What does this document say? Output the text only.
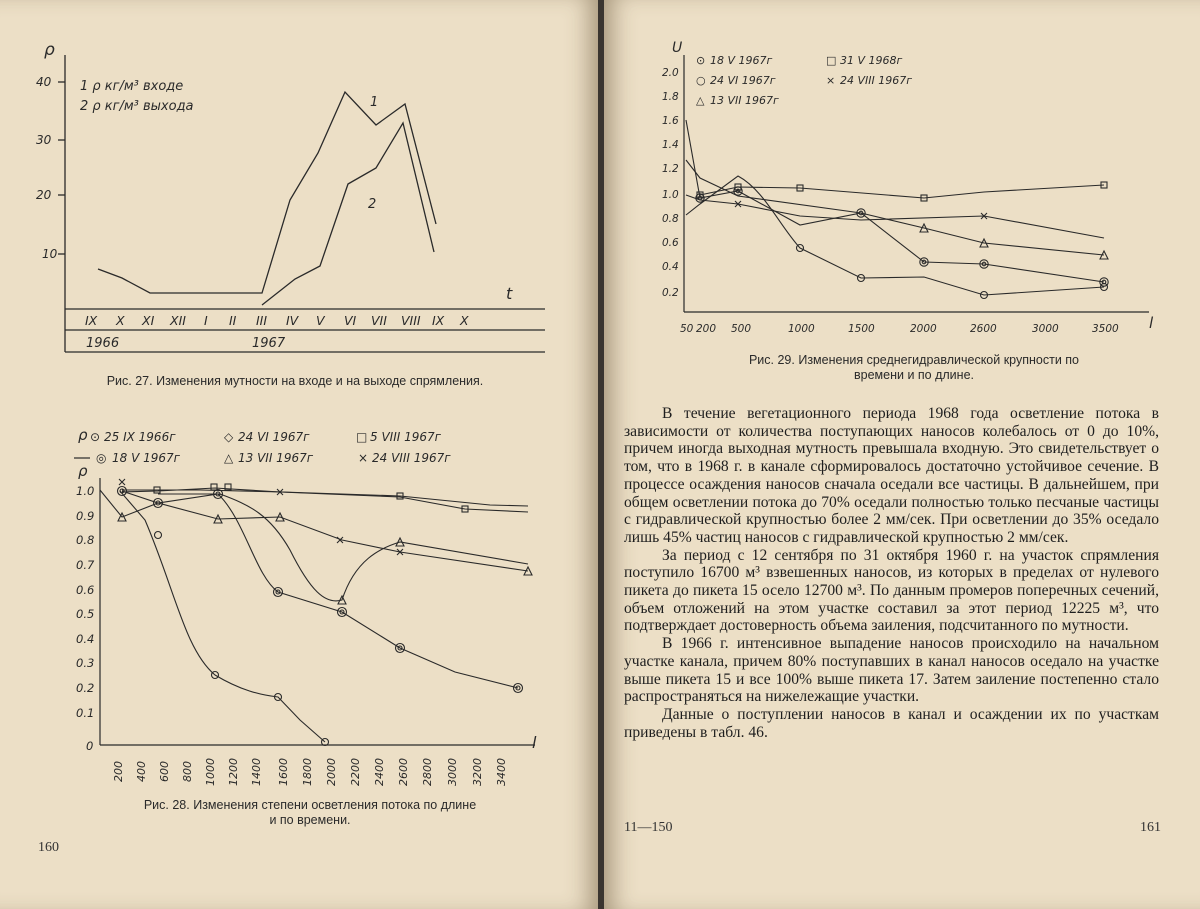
ρ
40
30
20
10
t
1 ρ кг/м³ входе
2 ρ кг/м³ выхода	1
2
IX X XI XII I II III IV V VI VII VIII IX X
1966	1967
Рис. 27. Изменения мутности на входе и на выходе спрямления.
⊙ 25 IX 1966г	◇ 24 VI 1967г	□ 5 VIII 1967г
◎ 18 V 1967г	△ 13 VII 1967г	× 24 VIII 1967г
ρ
ρ
1.0
0.9
0.8
0.7
0.6
0.5
0.4
0.3
0.2
0.1
0
200 400 600 800 1000 1200 1400 1600 1800 2000 2200 2400 2600 2800 3000 3200 3400
l
Рис. 28. Изменения степени осветления потока по длине
и по времени.
160
U
2.0
1.8
1.6
1.4
1.2
1.0
0.8
0.6
0.4
0.2
50 200 500	1000	1500	2000	2600	3000	3500 l
⊙ 18 V 1967г	□ 31 V 1968г
○ 24 VI 1967г	× 24 VIII 1967г
△ 13 VII 1967г
Рис. 29. Изменения среднегидравлической крупности по
времени и по длине.

В течение вегетационного периода 1968 года осветление потока в зависимости от количества поступающих наносов колебалось от 0 до 10%, причем иногда выходная мутность превышала входную. Это свидетельствует о том, что в 1968 г. в канале сформировалось достаточно устойчивое сечение. В процессе осаждения наносов сначала оседали все частицы. В дальнейшем, при общем осветлении потока до 70% оседали полностью только песчаные частицы с гидравлической крупностью более 2 мм/сек. При осветлении до 35% оседало лишь 45% частиц наносов с гидравлической крупностью 2 мм/сек.

За период с 12 сентября по 31 октября 1960 г. на участок спрямления поступило 16700 м³ взвешенных наносов, из которых в пределах от нулевого пикета до пикета 15 осело 12700 м³. По данным промеров поперечных сечений, объем отложений на этом участке составил за этот период 12225 м³, что подтверждает достоверность объема заиления, подсчитанного по мутности.

В 1966 г. интенсивное выпадение наносов происходило на начальном участке канала, причем 80% поступавших в канал наносов оседало на участке выше пикета 15 и все 100% выше пикета 17. Затем заиление постепенно стало распространяться на нижележащие участки.

Данные о поступлении наносов в канал и осаждении их по участкам приведены в табл. 46.

11—150	161
